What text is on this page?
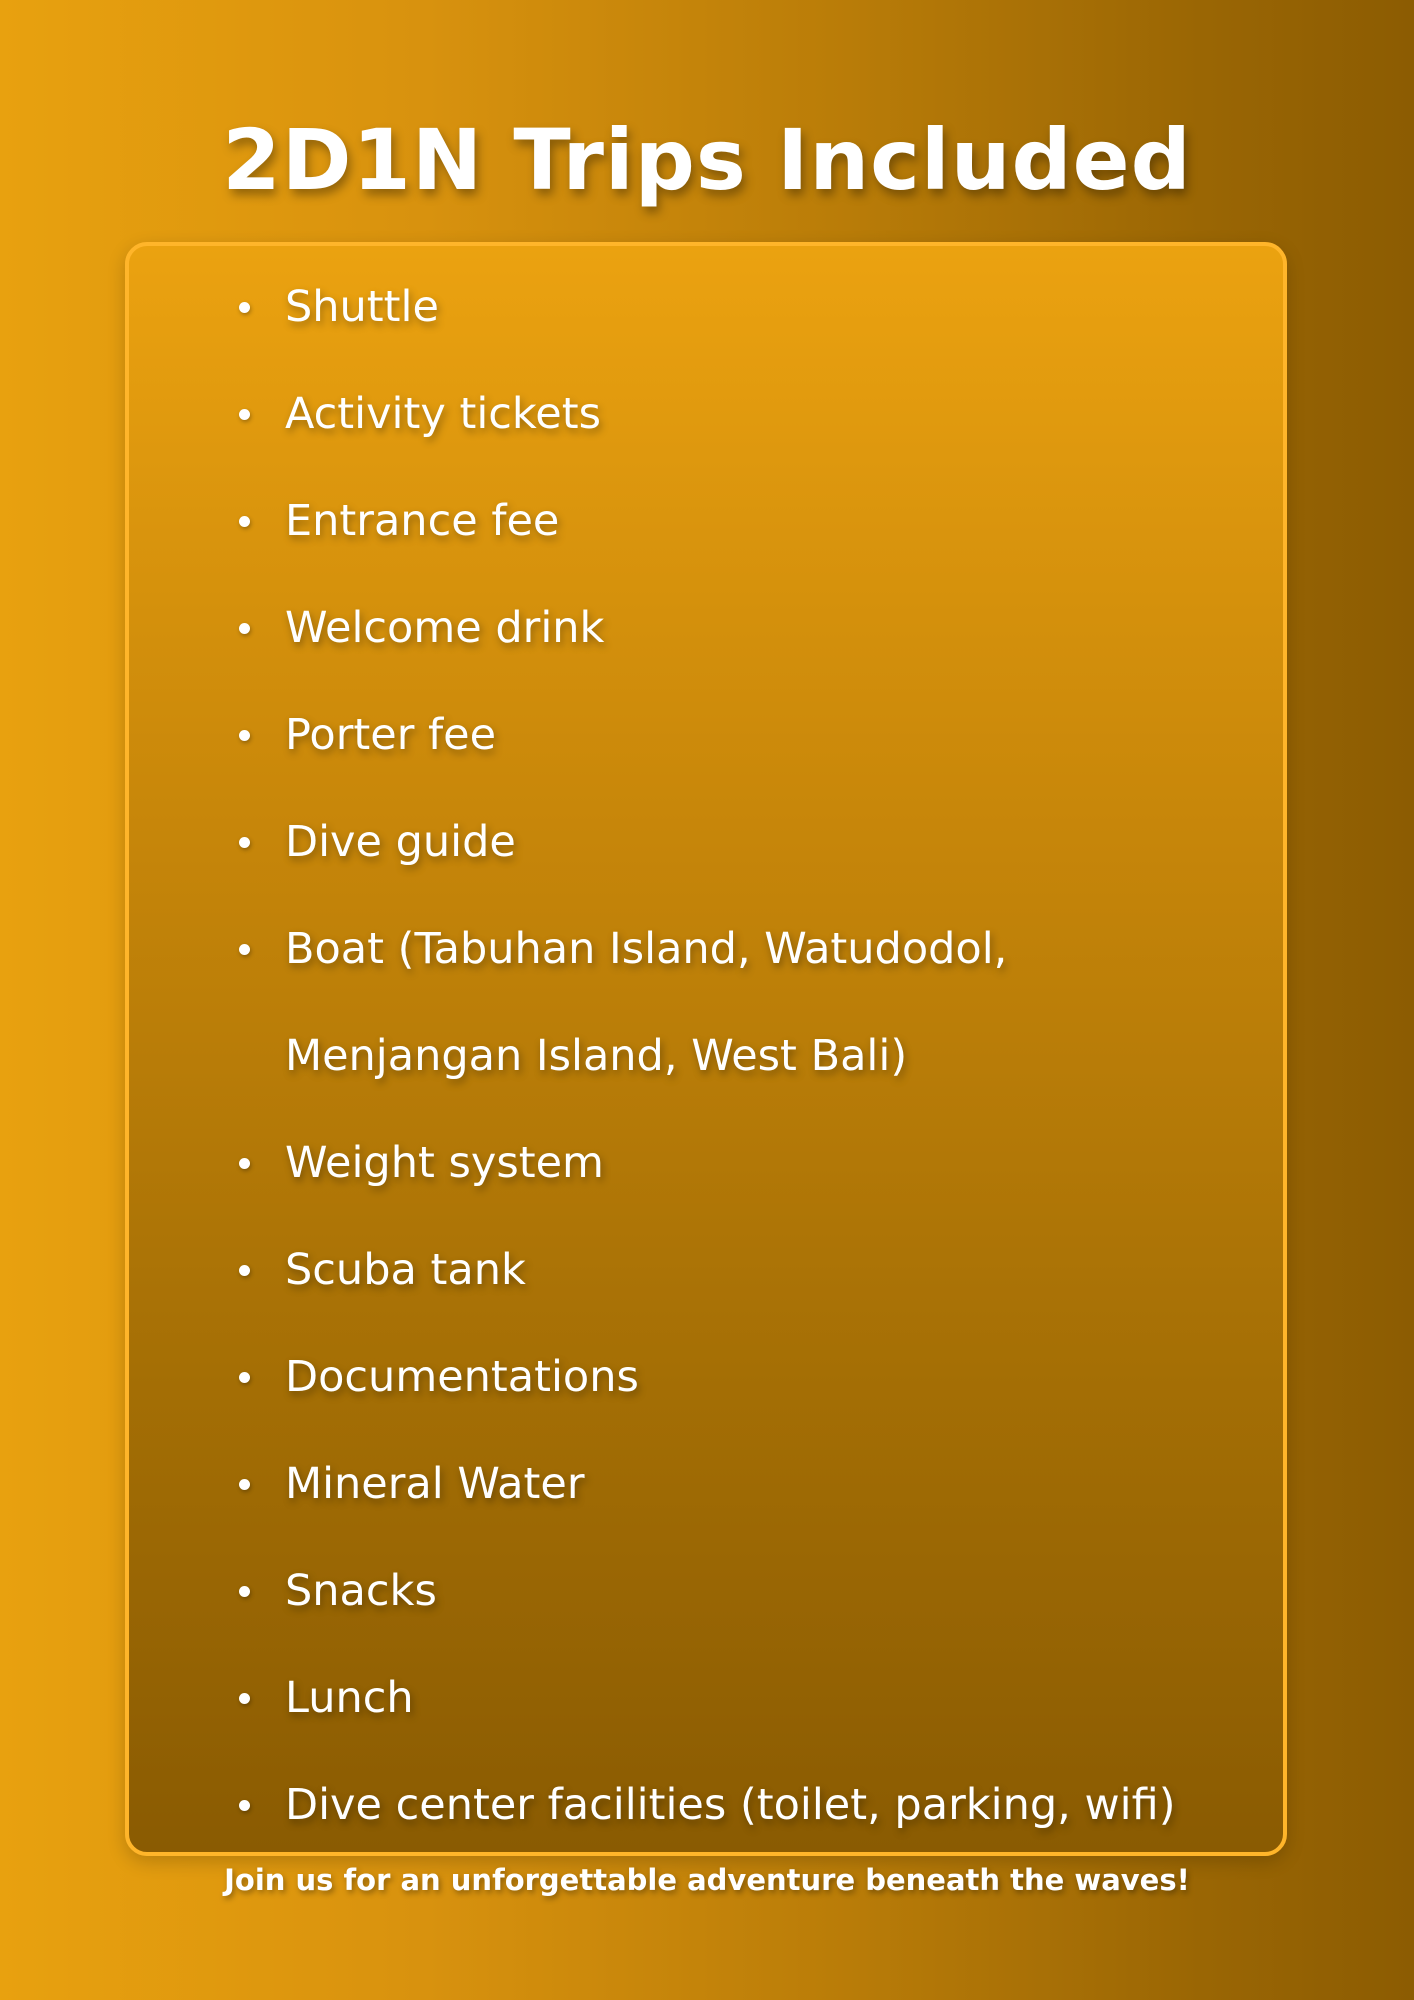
2D1N Trips Included
Shuttle
Activity tickets
Entrance fee
Welcome drink
Porter fee
Dive guide
Boat (Tabuhan Island, Watudodol, Menjangan Island, West Bali)
Weight system
Scuba tank
Documentations
Mineral Water
Snacks
Lunch
Dive center facilities (toilet, parking, wifi)

Join us for an unforgettable adventure beneath the waves!
